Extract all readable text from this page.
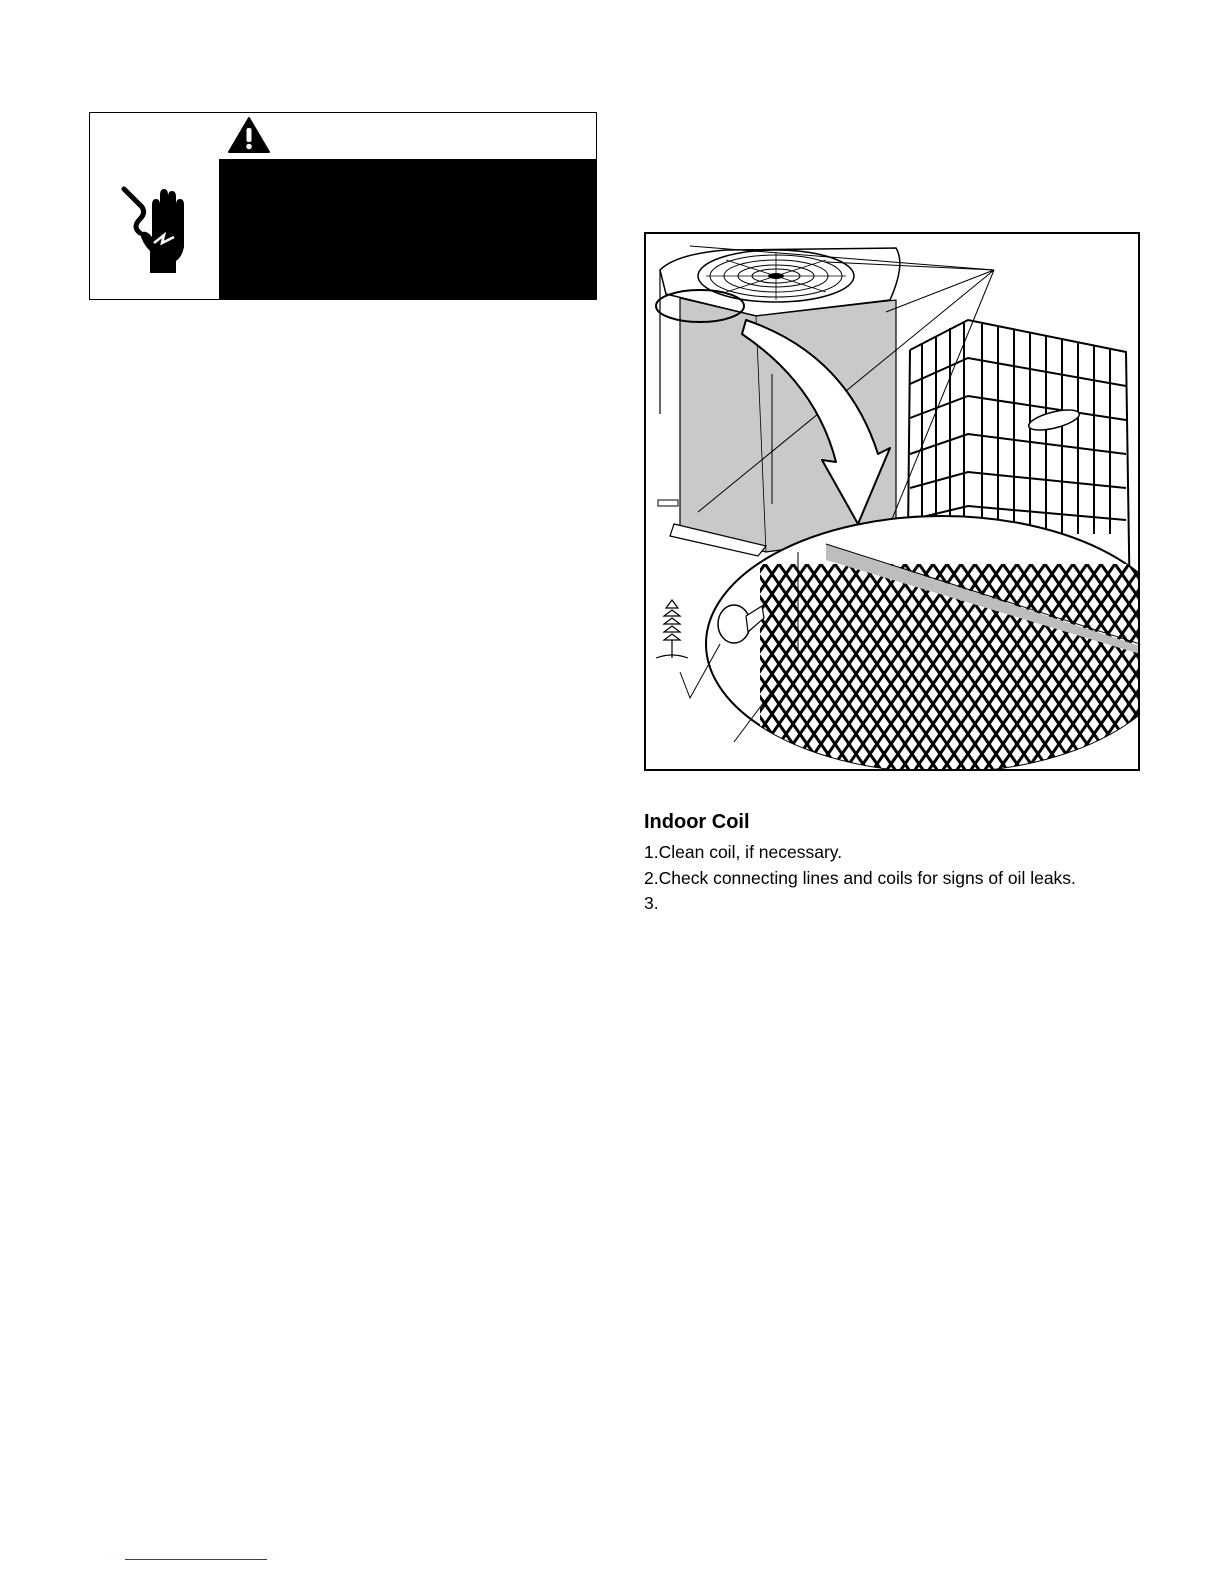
Indoor Coil
1.Clean coil, if necessary.
2.Check connecting lines and coils for signs of oil leaks.
3.
